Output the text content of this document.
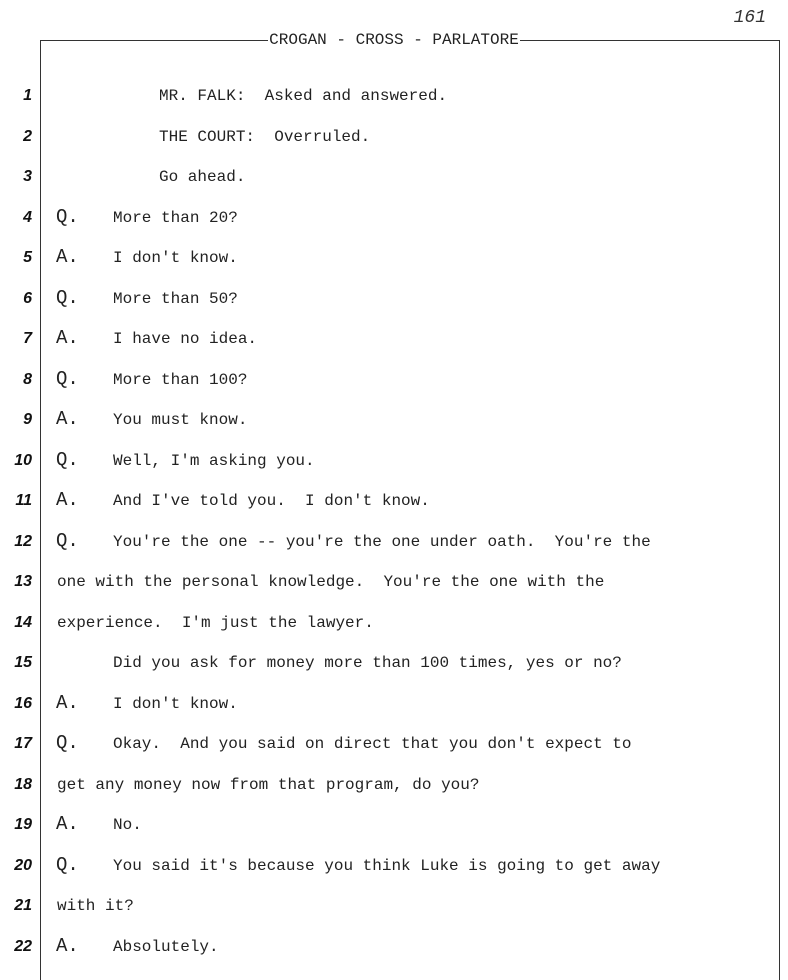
161
CROGAN - CROSS - PARLATORE
1	MR. FALK:  Asked and answered.
2	THE COURT:  Overruled.
3	Go ahead.
4 Q. More than 20?
5 A. I don't know.
6 Q. More than 50?
7 A. I have no idea.
8 Q. More than 100?
9 A. You must know.
10 Q. Well, I'm asking you.
11 A. And I've told you.  I don't know.
12 Q. You're the one -- you're the one under oath.  You're the
13 one with the personal knowledge.  You're the one with the
14 experience.  I'm just the lawyer.
15	Did you ask for money more than 100 times, yes or no?
16 A. I don't know.
17 Q. Okay.  And you said on direct that you don't expect to
18 get any money now from that program, do you?
19 A. No.
20 Q. You said it's because you think Luke is going to get away
21 with it?
22 A. Absolutely.
